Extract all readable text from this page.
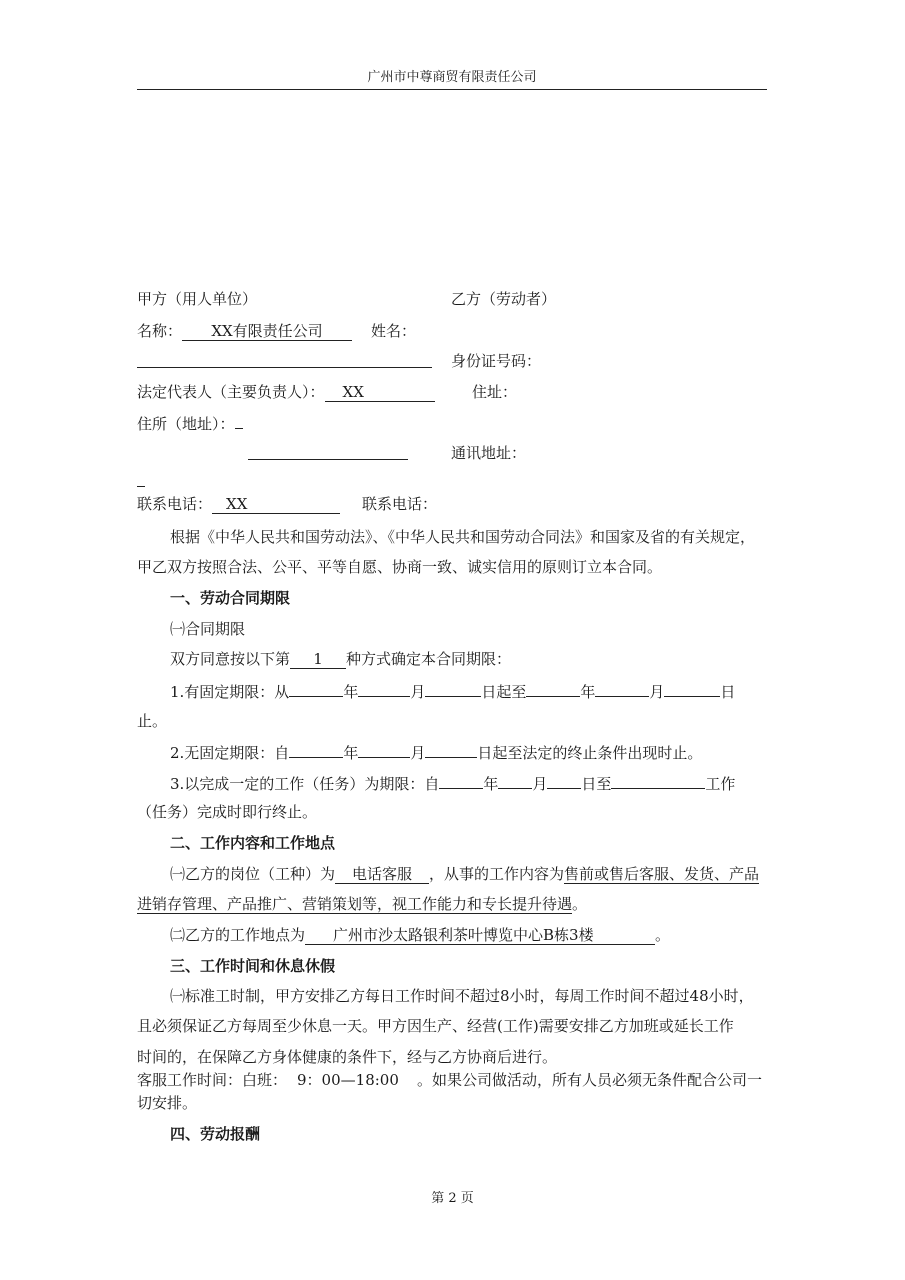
广州市中尊商贸有限责任公司
甲方（用人单位）	乙方（劳动者）
名称： XX有限责任公司	姓名：
身份证号码：
法定代表人（主要负责人）： XX	住址：
住所（地址）：
通讯地址：
联系电话： XX	联系电话：
根据《中华人民共和国劳动法》、《中华人民共和国劳动合同法》和国家及省的有关规定，
甲乙双方按照合法、公平、平等自愿、协商一致、诚实信用的原则订立本合同。
一、劳动合同期限
㈠合同期限
双方同意按以下第 1 种方式确定本合同期限：
1.有固定期限：从	年	月	日起至	年	月	日
止。
2.无固定期限：自	年	月	日起至法定的终止条件出现时止。
3.以完成一定的工作（任务）为期限：自	年 月 日至	工作
（任务）完成时即行终止。
二、工作内容和工作地点
㈠乙方的岗位（工种）为 电话客服 ，从事的工作内容为售前或售后客服、发货、产品
进销存管理、产品推广、营销策划等，视工作能力和专长提升待遇。
㈡乙方的工作地点为 广州市沙太路银利茶叶博览中心B栋3楼	。
三、工作时间和休息休假
㈠标准工时制，甲方安排乙方每日工作时间不超过8小时，每周工作时间不超过48小时，
且必须保证乙方每周至少休息一天。甲方因生产、经营(工作)需要安排乙方加班或延长工作
时间的，在保障乙方身体健康的条件下，经与乙方协商后进行。
客服工作时间：白班： 9：00—18:00 。如果公司做活动，所有人员必须无条件配合公司一
切安排。
四、劳动报酬
第 2 页
